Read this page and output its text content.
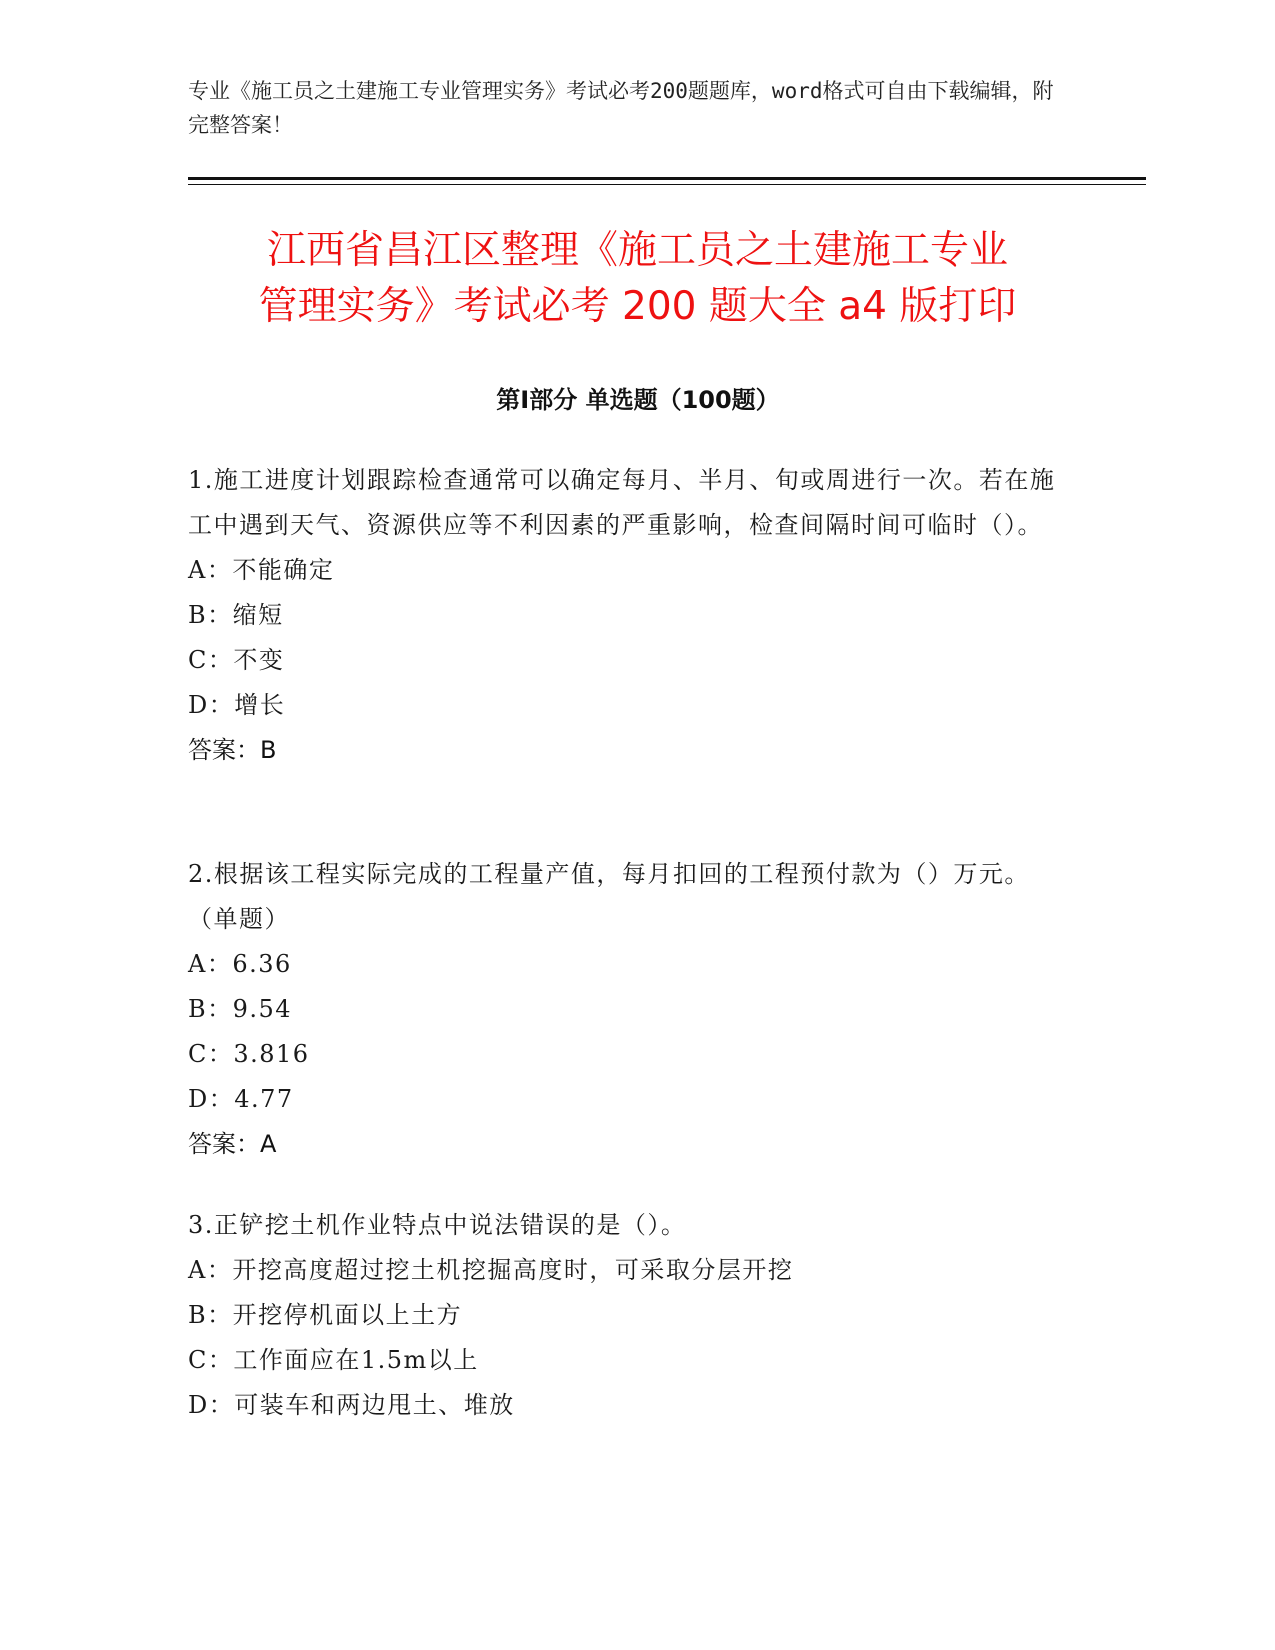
专业《施工员之土建施工专业管理实务》考试必考200题题库，word格式可自由下载编辑，附完整答案！
江西省昌江区整理《施工员之土建施工专业
管理实务》考试必考 200 题大全 a4 版打印
第Ⅰ部分 单选题（100题）
1.施工进度计划跟踪检查通常可以确定每月、半月、旬或周进行一次。若在施工中遇到天气、资源供应等不利因素的严重影响，检查间隔时间可临时（）。
A：不能确定
B：缩短
C：不变
D：增长
答案：B
2.根据该工程实际完成的工程量产值，每月扣回的工程预付款为（）万元。（单题）
A：6.36
B：9.54
C：3.816
D：4.77
答案：A
3.正铲挖土机作业特点中说法错误的是（）。
A：开挖高度超过挖土机挖掘高度时，可采取分层开挖
B：开挖停机面以上土方
C：工作面应在1.5m以上
D：可装车和两边甩土、堆放
